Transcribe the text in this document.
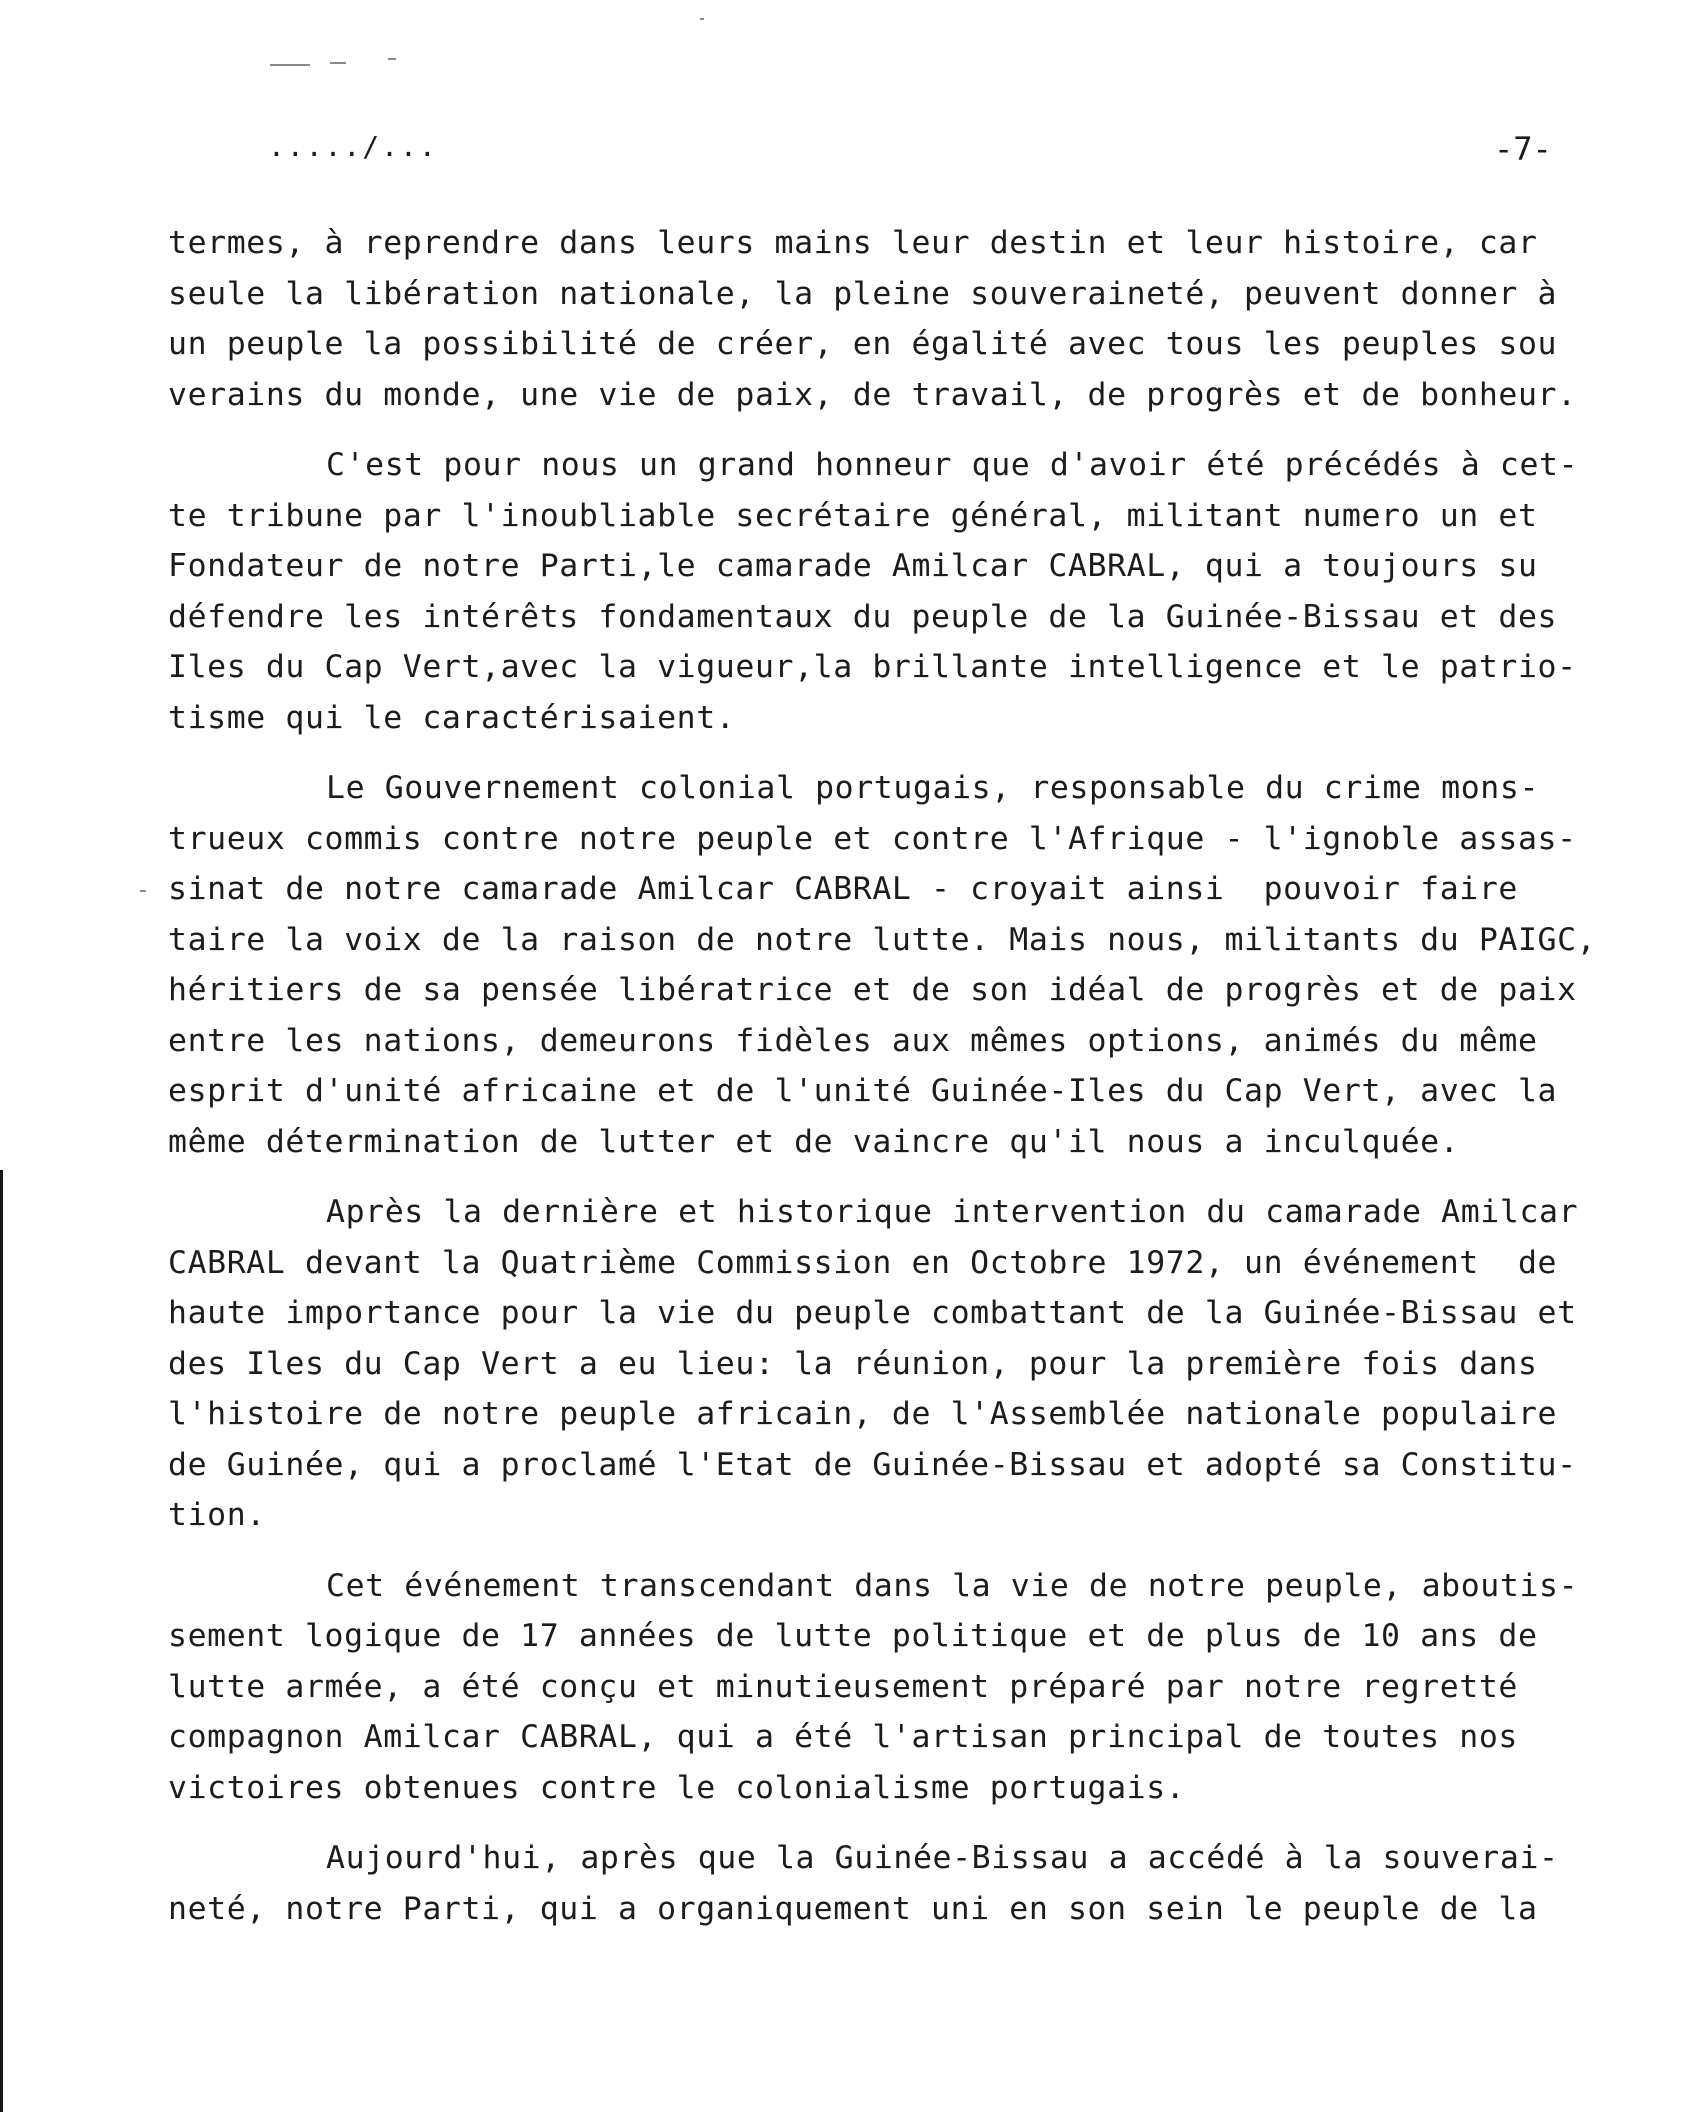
...../...	-7-
termes, à reprendre dans leurs mains leur destin et leur histoire, car
seule la libération nationale, la pleine souveraineté, peuvent donner à
un peuple la possibilité de créer, en égalité avec tous les peuples sou
verains du monde, une vie de paix, de travail, de progrès et de bonheur.
C'est pour nous un grand honneur que d'avoir été précédés à cet-
te tribune par l'inoubliable secrétaire général, militant numero un et
Fondateur de notre Parti,le camarade Amilcar CABRAL, qui a toujours su
défendre les intérêts fondamentaux du peuple de la Guinée-Bissau et des
Iles du Cap Vert,avec la vigueur,la brillante intelligence et le patrio-
tisme qui le caractérisaient.
Le Gouvernement colonial portugais, responsable du crime mons-
trueux commis contre notre peuple et contre l'Afrique - l'ignoble assas-
sinat de notre camarade Amilcar CABRAL - croyait ainsi  pouvoir faire
taire la voix de la raison de notre lutte. Mais nous, militants du PAIGC,
héritiers de sa pensée libératrice et de son idéal de progrès et de paix
entre les nations, demeurons fidèles aux mêmes options, animés du même
esprit d'unité africaine et de l'unité Guinée-Iles du Cap Vert, avec la
même détermination de lutter et de vaincre qu'il nous a inculquée.
Après la dernière et historique intervention du camarade Amilcar
CABRAL devant la Quatrième Commission en Octobre 1972, un événement  de
haute importance pour la vie du peuple combattant de la Guinée-Bissau et
des Iles du Cap Vert a eu lieu: la réunion, pour la première fois dans
l'histoire de notre peuple africain, de l'Assemblée nationale populaire
de Guinée, qui a proclamé l'Etat de Guinée-Bissau et adopté sa Constitu-
tion.
Cet événement transcendant dans la vie de notre peuple, aboutis-
sement logique de 17 années de lutte politique et de plus de 10 ans de
lutte armée, a été conçu et minutieusement préparé par notre regretté
compagnon Amilcar CABRAL, qui a été l'artisan principal de toutes nos
victoires obtenues contre le colonialisme portugais.
Aujourd'hui, après que la Guinée-Bissau a accédé à la souverai-
neté, notre Parti, qui a organiquement uni en son sein le peuple de la
